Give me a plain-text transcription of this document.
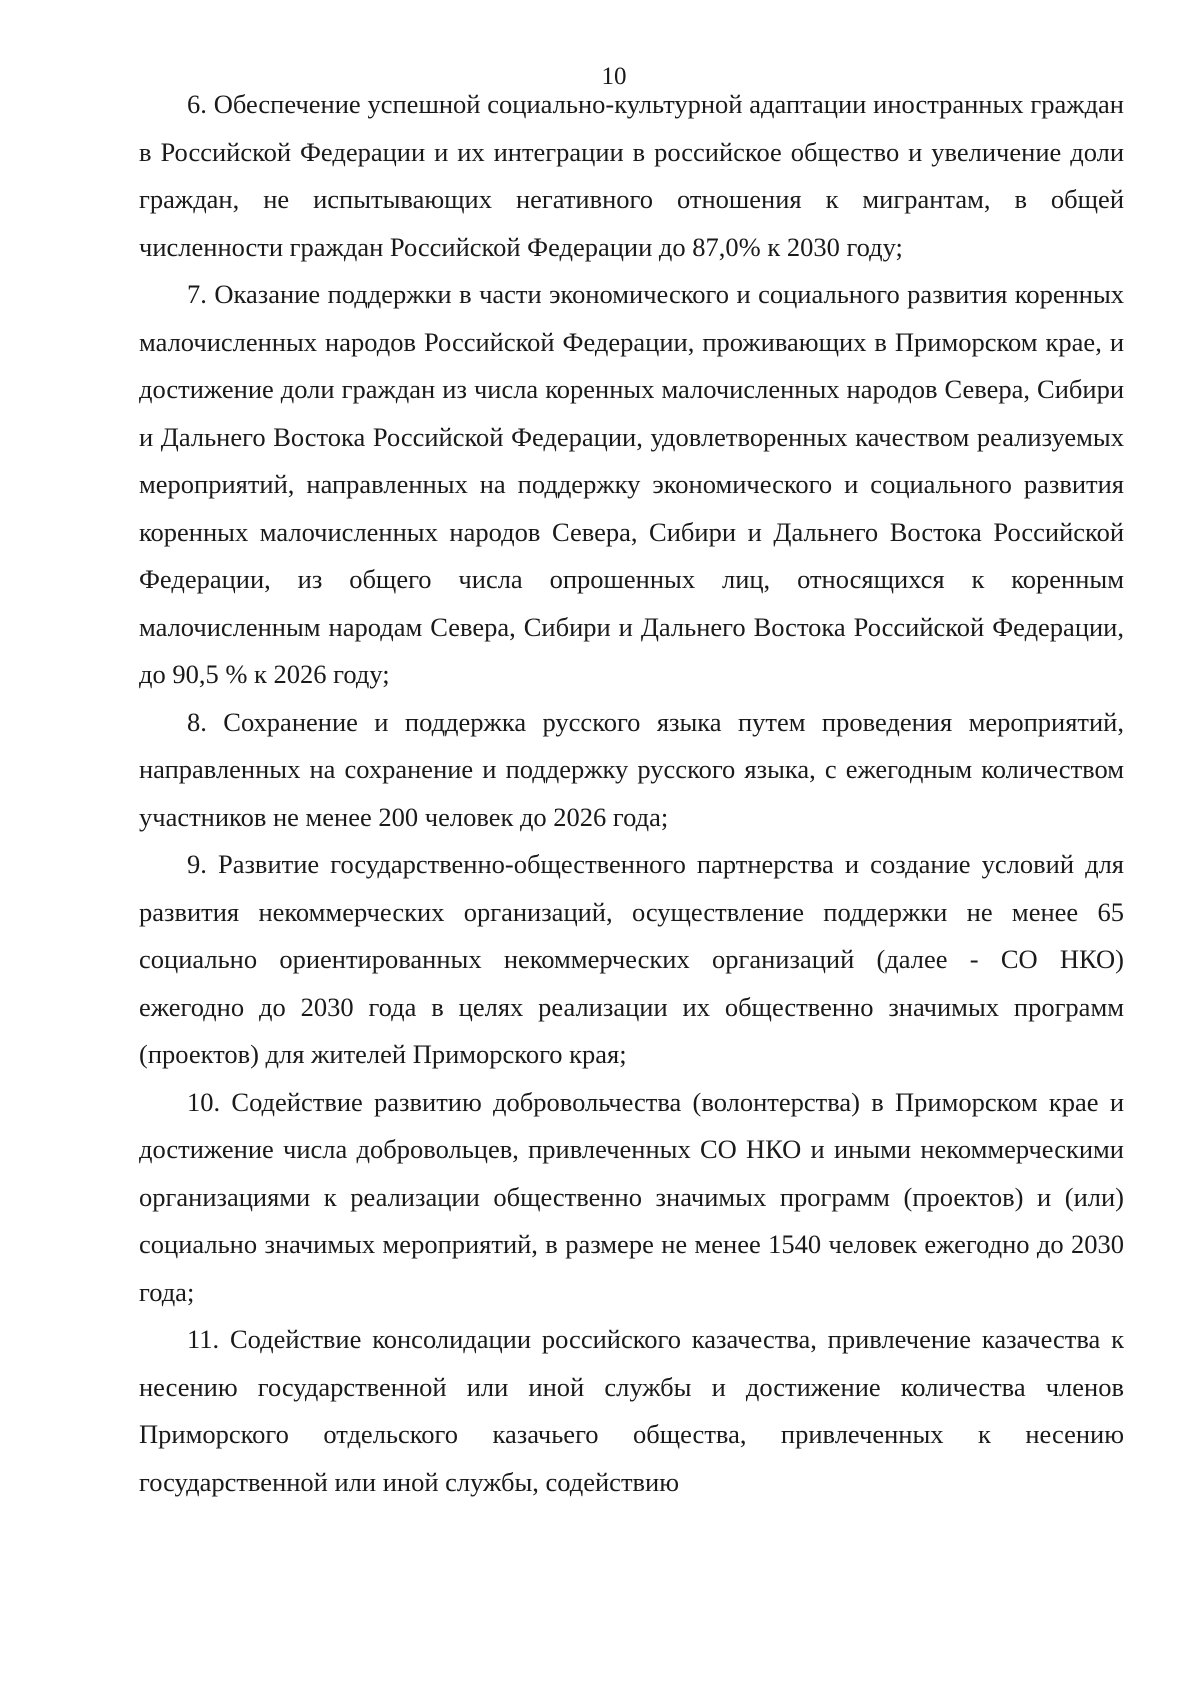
10

6. Обеспечение успешной социально-культурной адаптации иностранных граждан в Российской Федерации и их интеграции в российское общество и увеличение доли граждан, не испытывающих негативного отношения к мигрантам, в общей численности граждан Российской Федерации до 87,0% к 2030 году;

7. Оказание поддержки в части экономического и социального развития коренных малочисленных народов Российской Федерации, проживающих в Приморском крае, и достижение доли граждан из числа коренных малочисленных народов Севера, Сибири и Дальнего Востока Российской Федерации, удовлетворенных качеством реализуемых мероприятий, направленных на поддержку экономического и социального развития коренных малочисленных народов Севера, Сибири и Дальнего Востока Российской Федерации, из общего числа опрошенных лиц, относящихся к коренным малочисленным народам Севера, Сибири и Дальнего Востока Российской Федерации, до 90,5 % к 2026 году;

8. Сохранение и поддержка русского языка путем проведения мероприятий, направленных на сохранение и поддержку русского языка, с ежегодным количеством участников не менее 200 человек до 2026 года;

9. Развитие государственно-общественного партнерства и создание условий для развития некоммерческих организаций, осуществление поддержки не менее 65 социально ориентированных некоммерческих организаций (далее - СО НКО) ежегодно до 2030 года в целях реализации их общественно значимых программ (проектов) для жителей Приморского края;

10. Содействие развитию добровольчества (волонтерства) в Приморском крае и достижение числа добровольцев, привлеченных СО НКО и иными некоммерческими организациями к реализации общественно значимых программ (проектов) и (или) социально значимых мероприятий, в размере не менее 1540 человек ежегодно до 2030 года;

11. Содействие консолидации российского казачества, привлечение казачества к несению государственной или иной службы и достижение количества членов Приморского отдельского казачьего общества, привлеченных к несению государственной или иной службы, содействию
